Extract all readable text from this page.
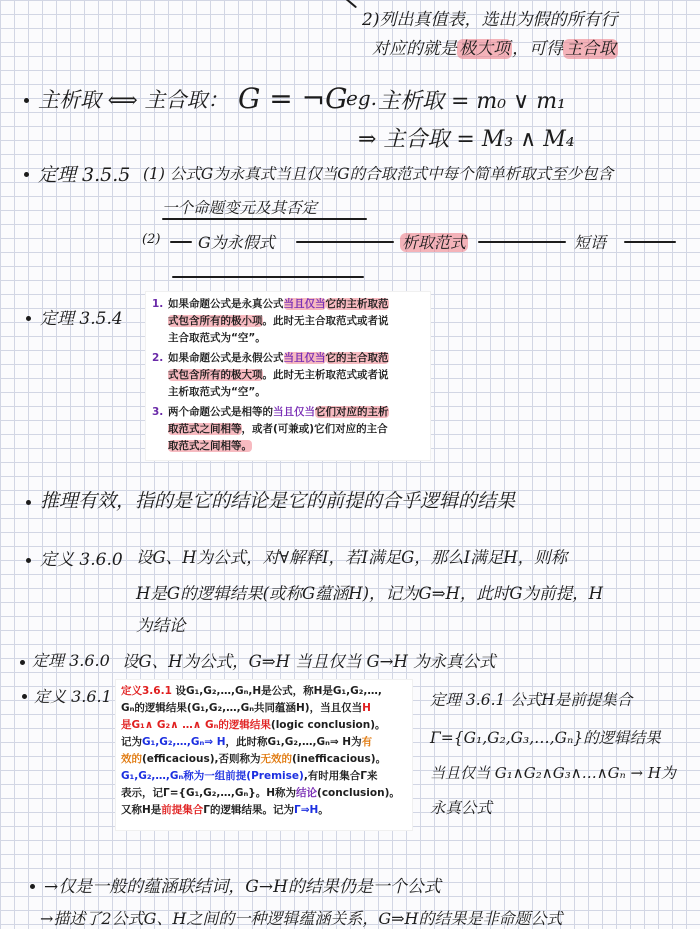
2)列出真值表，选出为假的所有行
对应的就是 极大项 ，可得 主合取
主析取 ⟺ 主合取： G = ¬G
eg. 主析取 = m₀ ∨ m₁
⇒ 主合取 = M₃ ∧ M₄
定理 3.5.5 (1) 公式G为永真式当且仅当G的合取范式中每个简单析取式至少包含
一个命题变元及其否定
(2) G为永假式	析取范式	短语
定理 3.5.4

1. 如果命题公式是永真公式当且仅当它的主析取范

式包含所有的极小项。此时无主合取范式或者说

主合取范式为“空”。

2. 如果命题公式是永假公式当且仅当它的主合取范

式包含所有的极大项。此时无主析取范式或者说

主析取范式为“空”。

3. 两个命题公式是相等的当且仅当它们对应的主析

取范式之间相等，或者(可兼或)它们对应的主合

取范式之间相等。

推理有效，指的是它的结论是它的前提的合乎逻辑的结果
定义 3.6.0 设G、H为公式，对∀解释I，若I满足G，那么I满足H，则称
H是G的逻辑结果(或称G蕴涵H)，记为G⇒H，此时G为前提，H
为结论
定理 3.6.0 设G、H为公式，G⇒H 当且仅当 G→H 为永真公式
定义 3.6.1 定义3.6.1 设G₁,G₂,…,Gₙ,H是公式，称H是G₁,G₂,…,

Gₙ的逻辑结果(G₁,G₂,…,Gₙ共同蕴涵H)，当且仅当H

是G₁∧ G₂∧ …∧ Gₙ的逻辑结果(logic conclusion)。

记为G₁,G₂,…,Gₙ⇒ H，此时称G₁,G₂,…,Gₙ⇒ H为有

效的(efficacious),否则称为无效的(inefficacious)。

G₁,G₂,…,Gₙ称为一组前提(Premise),有时用集合Γ来

表示，记Γ={G₁,G₂,…,Gₙ}。H称为结论(conclusion)。

又称H是前提集合Γ的逻辑结果。记为Γ⇒H。

定理 3.6.1 公式H是前提集合
Γ={G₁,G₂,G₃,…,Gₙ}的逻辑结果
当且仅当 G₁∧G₂∧G₃∧…∧Gₙ → H为
永真公式
→仅是一般的蕴涵联结词，G→H的结果仍是一个公式
→描述了2公式G、H之间的一种逻辑蕴涵关系，G⇒H的结果是非命题公式
